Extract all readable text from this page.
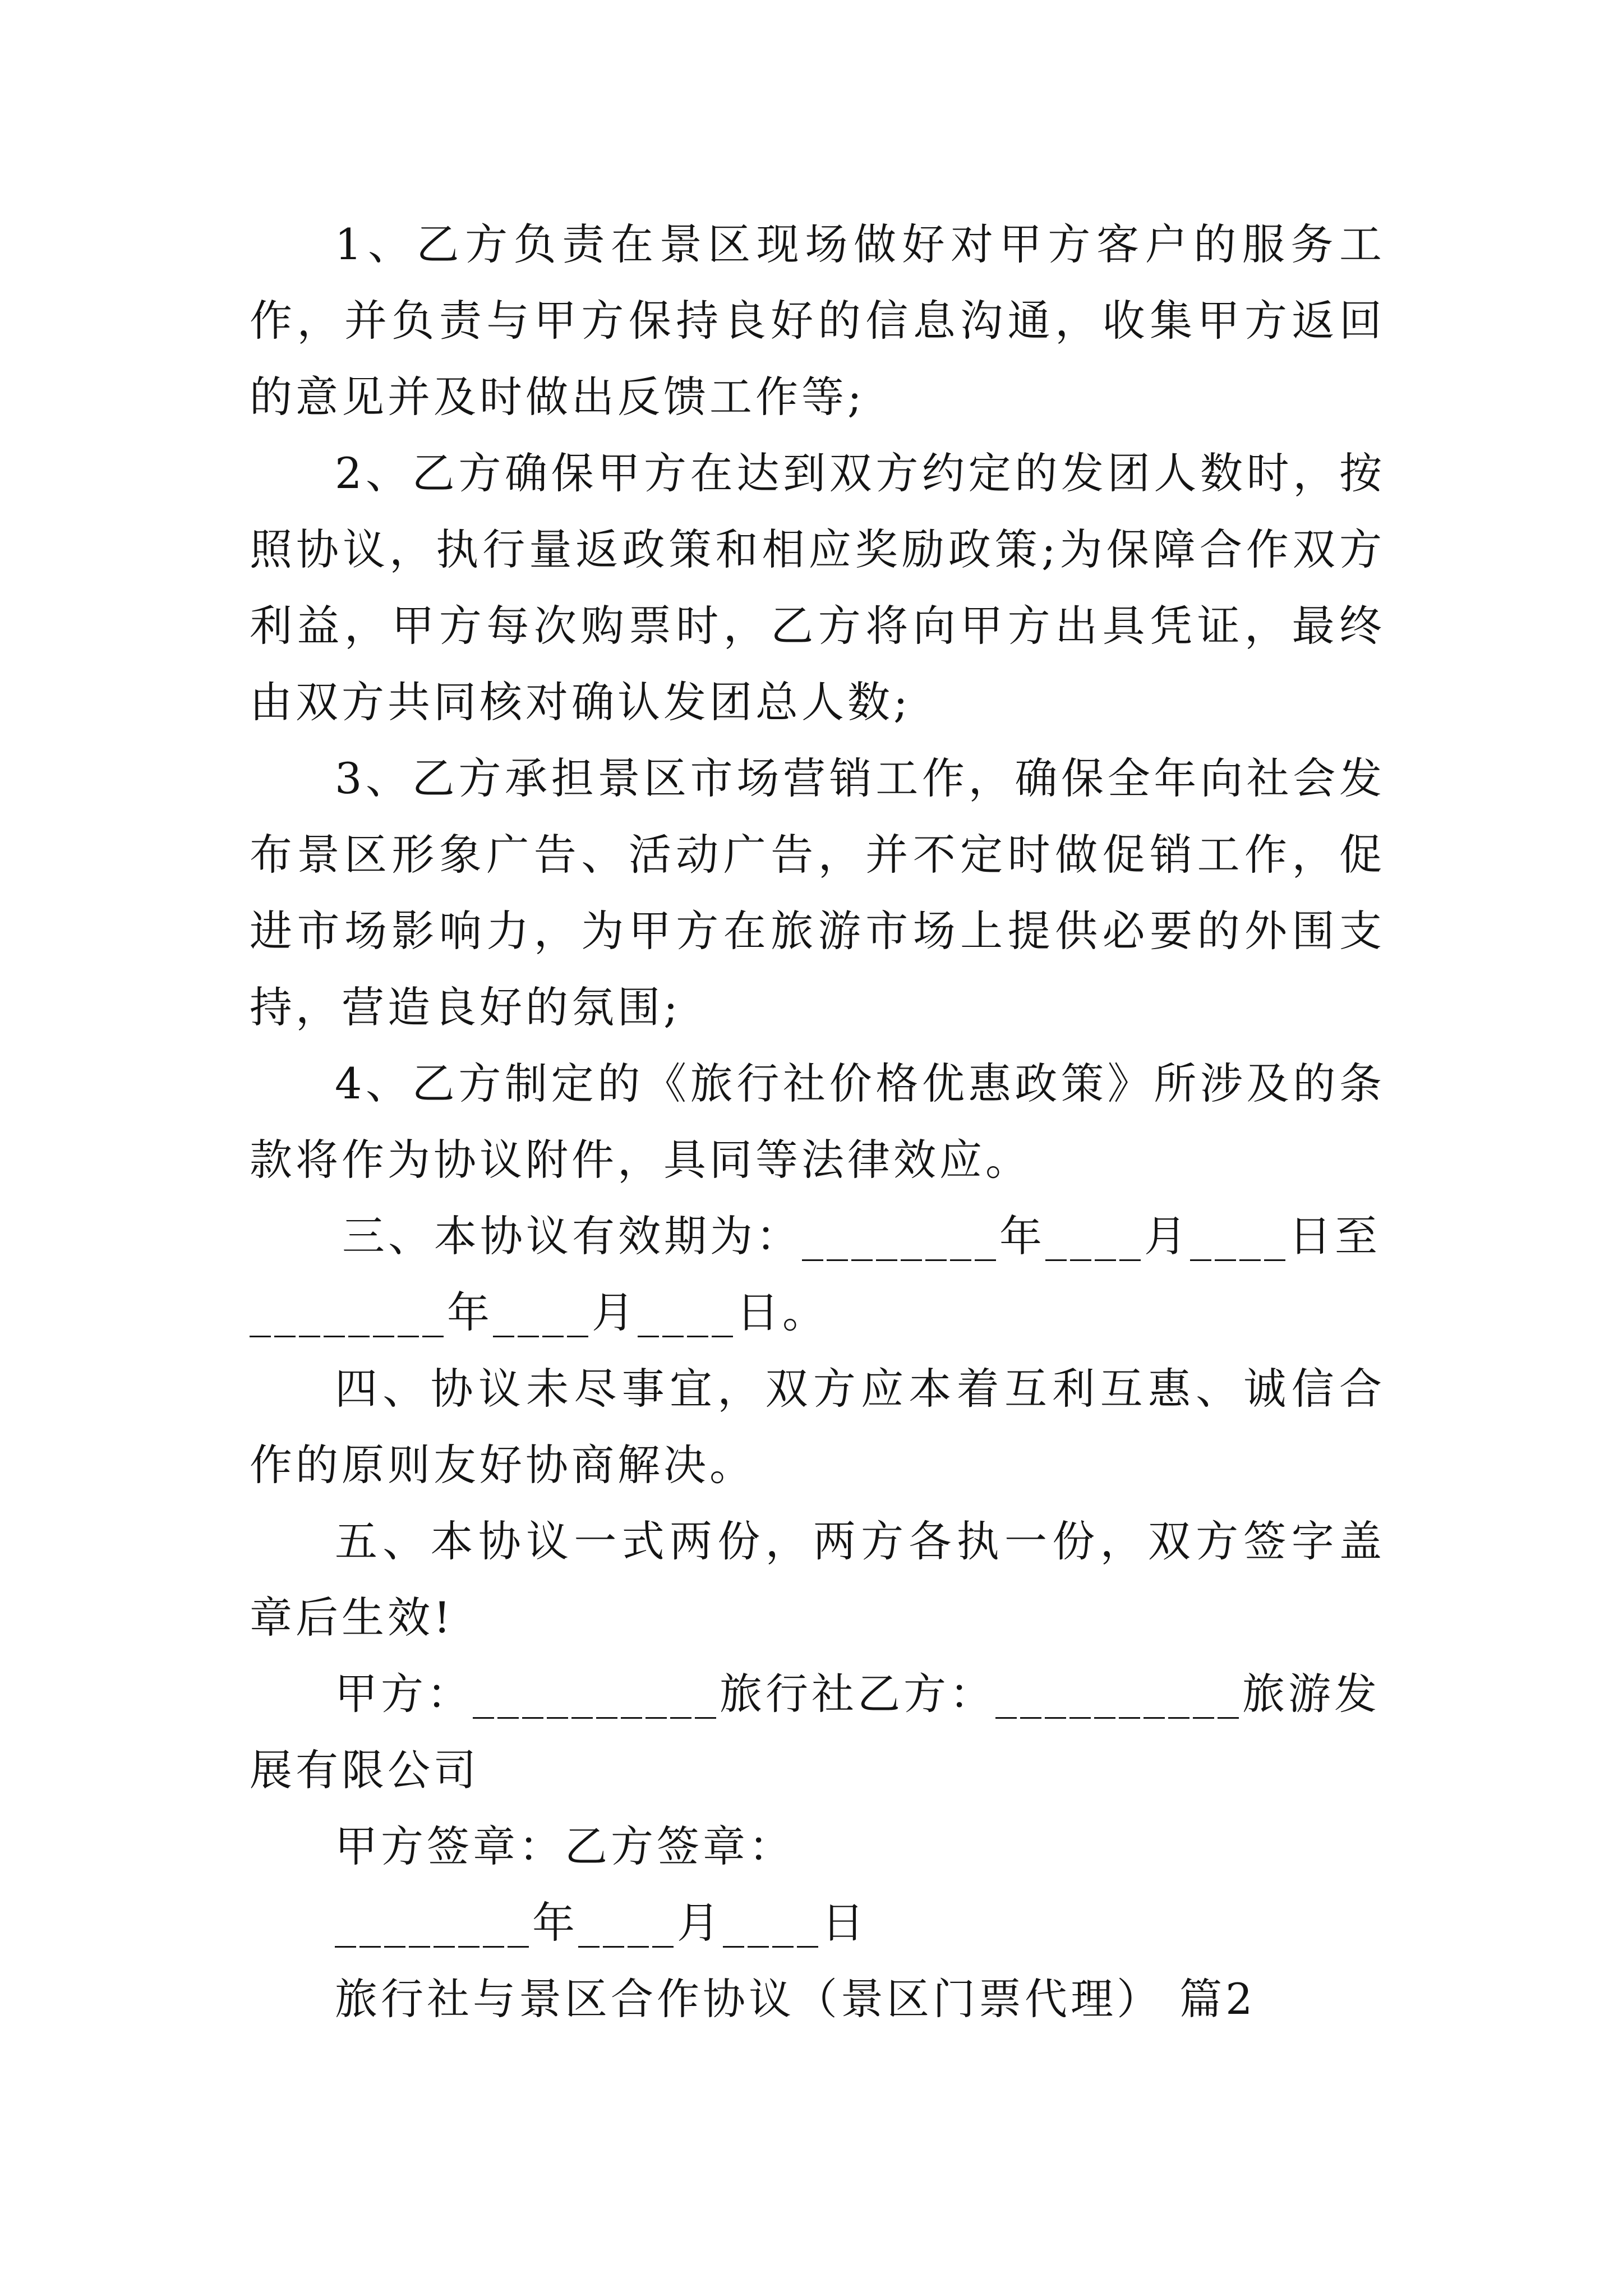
1、乙方负责在景区现场做好对甲方客户的服务工作，并负责与甲方保持良好的信息沟通，收集甲方返回的意见并及时做出反馈工作等;

2、乙方确保甲方在达到双方约定的发团人数时，按照协议，执行量返政策和相应奖励政策;为保障合作双方利益，甲方每次购票时，乙方将向甲方出具凭证，最终由双方共同核对确认发团总人数;

3、乙方承担景区市场营销工作，确保全年向社会发布景区形象广告、活动广告，并不定时做促销工作，促进市场影响力，为甲方在旅游市场上提供必要的外围支持，营造良好的氛围;

4、乙方制定的《旅行社价格优惠政策》所涉及的条款将作为协议附件，具同等法律效应。

三、本协议有效期为：________年____月____日至________年____月____日。

四、协议未尽事宜，双方应本着互利互惠、诚信合作的原则友好协商解决。

五、本协议一式两份，两方各执一份，双方签字盖章后生效!

甲方：__________旅行社乙方：__________旅游发展有限公司

甲方签章：乙方签章：

________年____月____日

旅行社与景区合作协议（景区门票代理） 篇2
